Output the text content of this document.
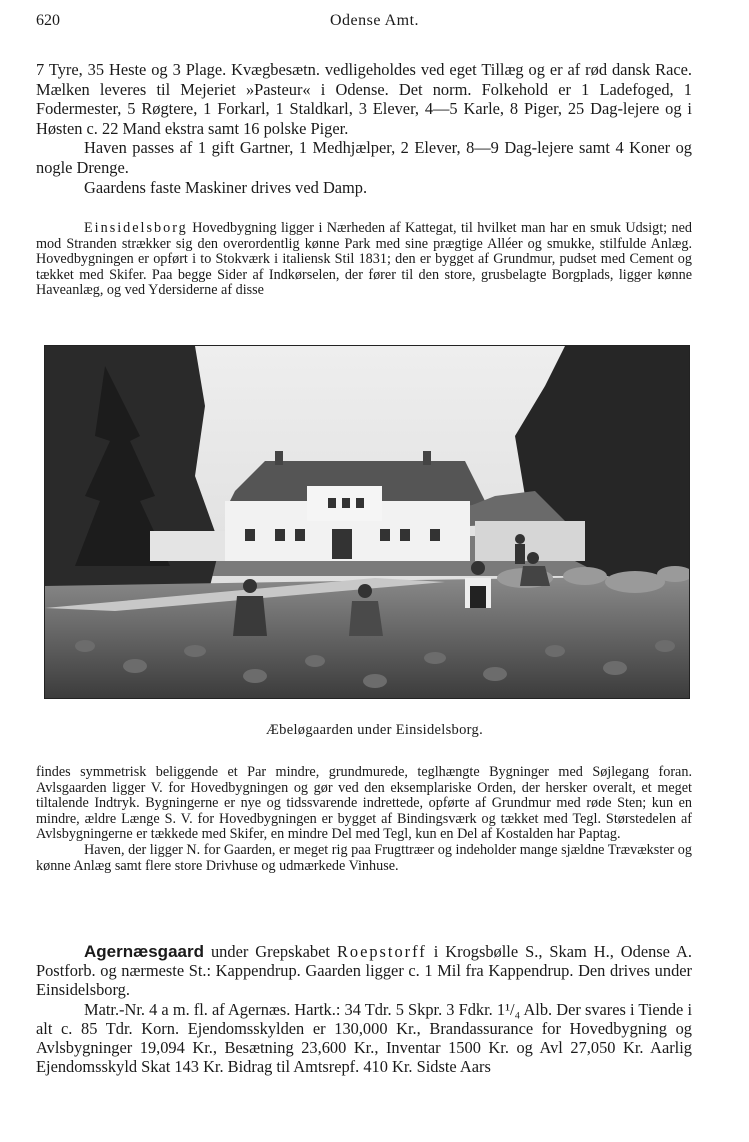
620	Odense Amt.

7 Tyre, 35 Heste og 3 Plage. Kvægbesætn. vedligeholdes ved eget Tillæg og er af rød dansk Race. Mælken leveres til Mejeriet »Pasteur« i Odense. Det norm. Folkehold er 1 Ladefoged, 1 Fodermester, 5 Røgtere, 1 Forkarl, 1 Staldkarl, 3 Elever, 4—5 Karle, 8 Piger, 25 Dag-lejere og i Høsten c. 22 Mand ekstra samt 16 polske Piger.

Haven passes af 1 gift Gartner, 1 Medhjælper, 2 Elever, 8—9 Dag-lejere samt 4 Koner og nogle Drenge.

Gaardens faste Maskiner drives ved Damp.

Einsidelsborg Hovedbygning ligger i Nærheden af Kattegat, til hvilket man har en smuk Udsigt; ned mod Stranden strækker sig den overordentlig kønne Park med sine prægtige Alléer og smukke, stilfulde Anlæg. Hovedbygningen er opført i to Stokværk i italiensk Stil 1831; den er bygget af Grundmur, pudset med Cement og tækket med Skifer. Paa begge Sider af Indkørselen, der fører til den store, grusbelagte Borgplads, ligger kønne Haveanlæg, og ved Ydersiderne af disse

Æbeløgaarden under Einsidelsborg.

findes symmetrisk beliggende et Par mindre, grundmurede, teglhængte Bygninger med Søjlegang foran. Avlsgaarden ligger V. for Hovedbygningen og gør ved den eksemplariske Orden, der hersker overalt, et meget tiltalende Indtryk. Bygningerne er nye og tidssvarende indrettede, opførte af Grundmur med røde Sten; kun en mindre, ældre Længe S. V. for Hovedbygningen er bygget af Bindingsværk og tækket med Tegl. Størstedelen af Avlsbygningerne er tækkede med Skifer, en mindre Del med Tegl, kun en Del af Kostalden har Paptag.

Haven, der ligger N. for Gaarden, er meget rig paa Frugttræer og indeholder mange sjældne Trævækster og kønne Anlæg samt flere store Drivhuse og udmærkede Vinhuse.

Agernæsgaard under Grepskabet Roepstorff i Krogsbølle S., Skam H., Odense A. Postforb. og nærmeste St.: Kappendrup. Gaarden ligger c. 1 Mil fra Kappendrup. Den drives under Einsidelsborg.

Matr.-Nr. 4 a m. fl. af Agernæs. Hartk.: 34 Tdr. 5 Skpr. 3 Fdkr. 1¹/₄ Alb. Der svares i Tiende i alt c. 85 Tdr. Korn. Ejendomsskylden er 130,000 Kr., Brandassurance for Hovedbygning og Avlsbygninger 19,094 Kr., Besætning 23,600 Kr., Inventar 1500 Kr. og Avl 27,050 Kr. Aarlig Ejendomsskyld Skat 143 Kr. Bidrag til Amtsrepf. 410 Kr. Sidste Aars
